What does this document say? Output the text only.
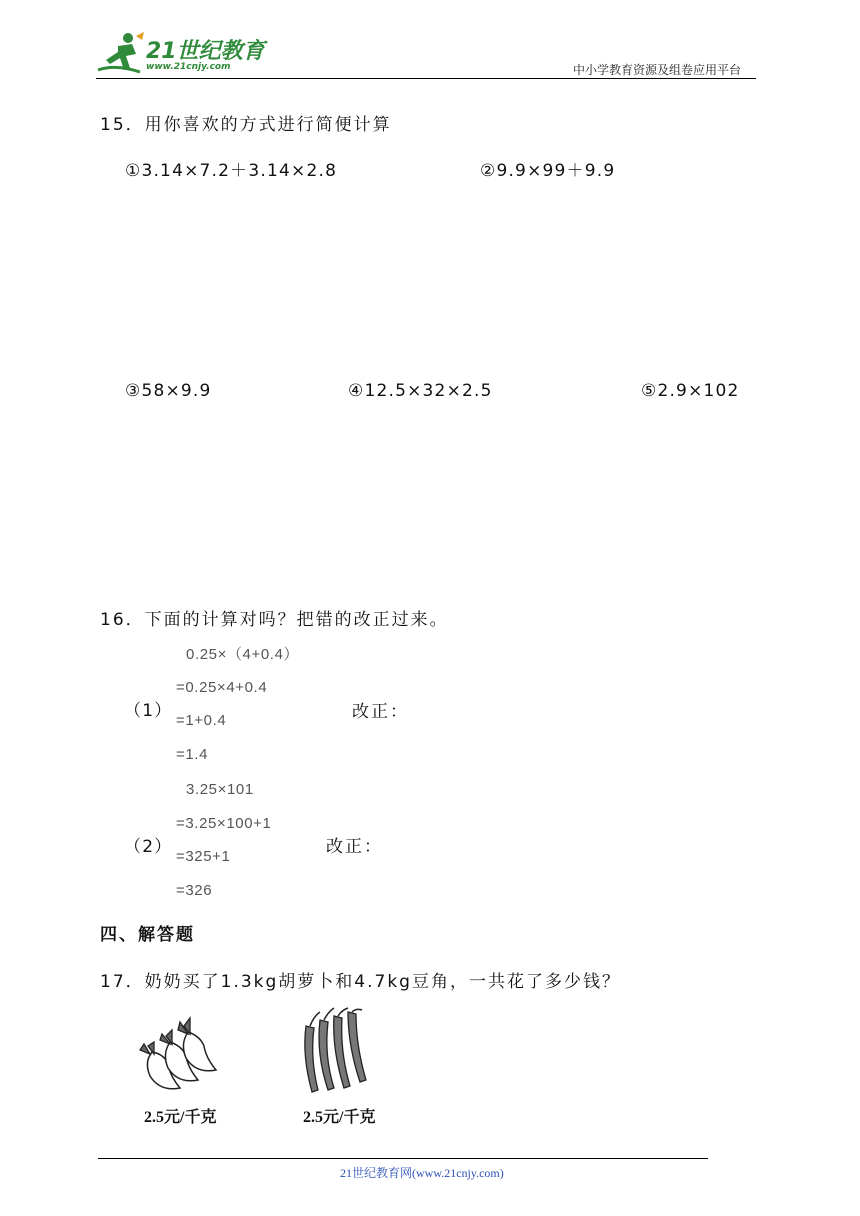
21世纪教育
www.21cnjy.com	中小学教育资源及组卷应用平台
15．用你喜欢的方式进行简便计算
①3.14×7.2＋3.14×2.8	②9.9×99＋9.9
③58×9.9	④12.5×32×2.5	⑤2.9×102
16．下面的计算对吗？把错的改正过来。
0.25×（4+0.4）
=0.25×4+0.4
（1） =1+0.4
=1.4
改正：
3.25×101
=3.25×100+1
（2） =325+1
=326
改正：
四、解答题
17．奶奶买了1.3kg胡萝卜和4.7kg豆角，一共花了多少钱？
2.5元/千克	2.5元/千克
21世纪教育网(www.21cnjy.com)
